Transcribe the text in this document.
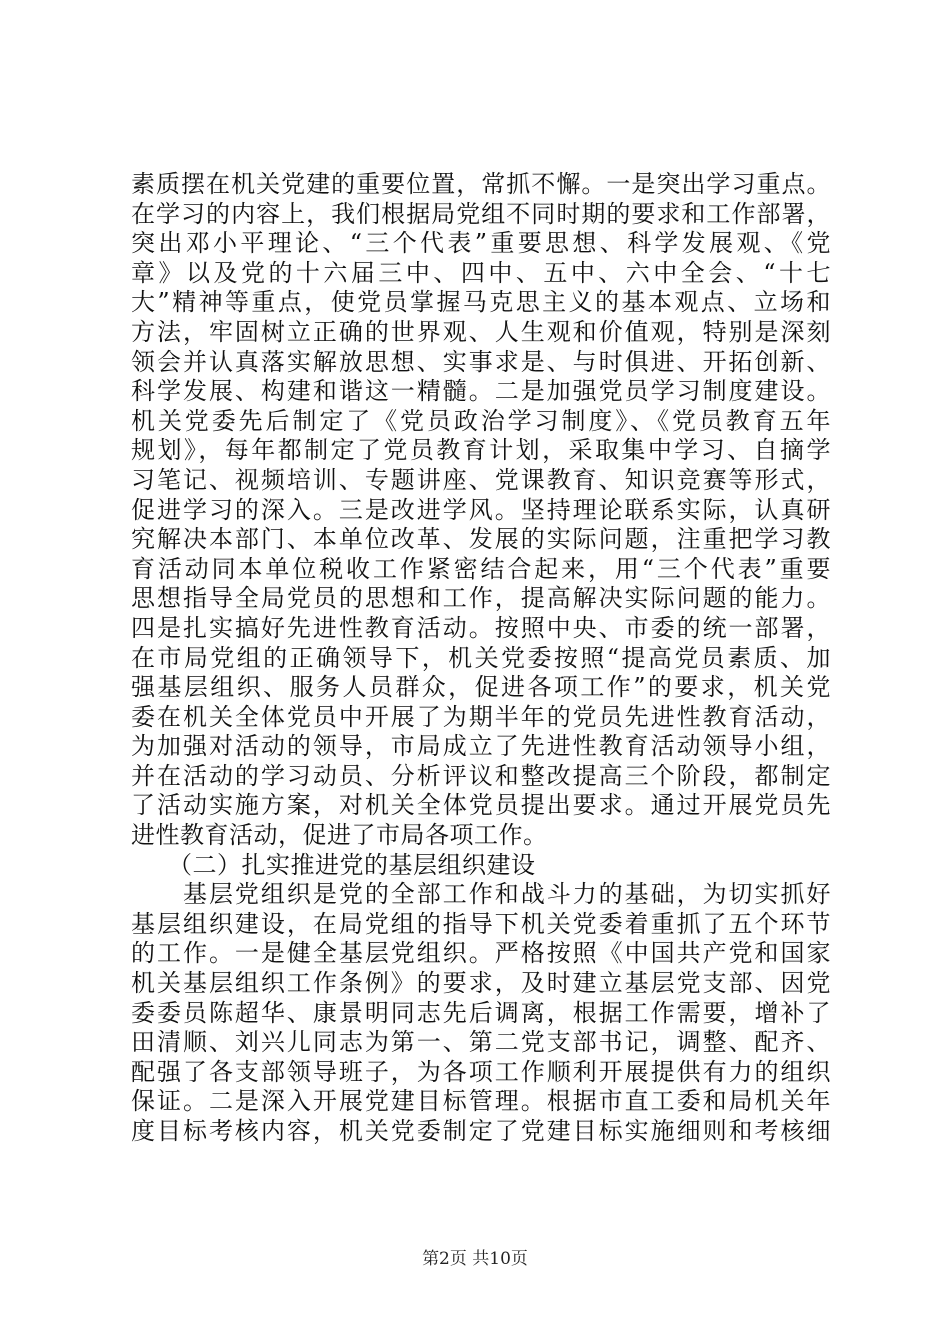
素质摆在机关党建的重要位置，常抓不懈。一是突出学习重点。
在学习的内容上，我们根据局党组不同时期的要求和工作部署，
突出邓小平理论、“三个代表”重要思想、科学发展观、《党
章》以及党的十六届三中、四中、五中、六中全会、“十七
大”精神等重点，使党员掌握马克思主义的基本观点、立场和
方法，牢固树立正确的世界观、人生观和价值观，特别是深刻
领会并认真落实解放思想、实事求是、与时俱进、开拓创新、
科学发展、构建和谐这一精髓。二是加强党员学习制度建设。
机关党委先后制定了《党员政治学习制度》、《党员教育五年
规划》，每年都制定了党员教育计划，采取集中学习、自摘学
习笔记、视频培训、专题讲座、党课教育、知识竞赛等形式，
促进学习的深入。三是改进学风。坚持理论联系实际，认真研
究解决本部门、本单位改革、发展的实际问题，注重把学习教
育活动同本单位税收工作紧密结合起来，用“三个代表”重要
思想指导全局党员的思想和工作，提高解决实际问题的能力。
四是扎实搞好先进性教育活动。按照中央、市委的统一部署，
在市局党组的正确领导下，机关党委按照“提高党员素质、加
强基层组织、服务人员群众，促进各项工作”的要求，机关党
委在机关全体党员中开展了为期半年的党员先进性教育活动，
为加强对活动的领导，市局成立了先进性教育活动领导小组，
并在活动的学习动员、分析评议和整改提高三个阶段，都制定
了活动实施方案，对机关全体党员提出要求。通过开展党员先
进性教育活动，促进了市局各项工作。
　　（二）扎实推进党的基层组织建设
　　基层党组织是党的全部工作和战斗力的基础，为切实抓好
基层组织建设，在局党组的指导下机关党委着重抓了五个环节
的工作。一是健全基层党组织。严格按照《中国共产党和国家
机关基层组织工作条例》的要求，及时建立基层党支部、因党
委委员陈超华、康景明同志先后调离，根据工作需要，增补了
田清顺、刘兴儿同志为第一、第二党支部书记，调整、配齐、
配强了各支部领导班子，为各项工作顺利开展提供有力的组织
保证。二是深入开展党建目标管理。根据市直工委和局机关年
度目标考核内容，机关党委制定了党建目标实施细则和考核细
第2页 共10页
